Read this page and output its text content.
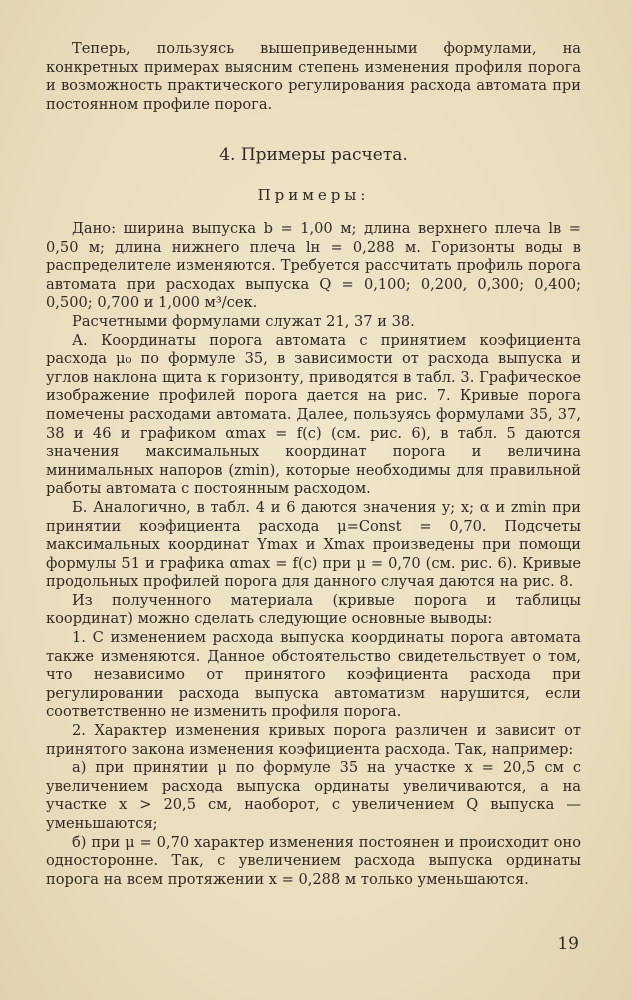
Теперь, пользуясь вышеприведенными формулами, на конкретных примерах выясним степень изменения профиля порога и возможность практического регулирования расхода автомата при постоянном профиле порога.

4. Примеры расчета.

Примеры:

Дано: ширина выпуска b = 1,00 м; длина верхнего плеча lв = 0,50 м; длина нижнего плеча lн = 0,288 м. Горизонты воды в распределителе изменяются. Требуется рассчитать профиль порога автомата при расходах выпуска Q = 0,100; 0,200, 0,300; 0,400; 0,500; 0,700 и 1,000 м³/сек.

Расчетными формулами служат 21, 37 и 38.

А. Координаты порога автомата с принятием коэфициента расхода μ₀ по формуле 35, в зависимости от расхода выпуска и углов наклона щита к горизонту, приводятся в табл. 3. Графическое изображение профилей порога дается на рис. 7. Кривые порога помечены расходами автомата. Далее, пользуясь формулами 35, 37, 38 и 46 и графиком αmax = f(c) (см. рис. 6), в табл. 5 даются значения максимальных координат порога и величина минимальных напоров (zmin), которые необходимы для правильной работы автомата с постоянным расходом.

Б. Аналогично, в табл. 4 и 6 даются значения y; x; α и zmin при принятии коэфициента расхода μ=Const = 0,70. Подсчеты максимальных координат Ymax и Xmax произведены при помощи формулы 51 и графика αmax = f(c) при μ = 0,70 (см. рис. 6). Кривые продольных профилей порога для данного случая даются на рис. 8.

Из полученного материала (кривые порога и таблицы координат) можно сделать следующие основные выводы:

1. С изменением расхода выпуска координаты порога автомата также изменяются. Данное обстоятельство свидетельствует о том, что независимо от принятого коэфициента расхода при регулировании расхода выпуска автоматизм нарушится, если соответственно не изменить профиля порога.

2. Характер изменения кривых порога различен и зависит от принятого закона изменения коэфициента расхода. Так, например:

а) при принятии μ по формуле 35 на участке x = 20,5 см с увеличением расхода выпуска ординаты увеличиваются, а на участке x > 20,5 см, наоборот, с увеличением Q выпуска — уменьшаются;

б) при μ = 0,70 характер изменения постоянен и происходит оно односторонне. Так, с увеличением расхода выпуска ординаты порога на всем протяжении x = 0,288 м только уменьшаются.

19
